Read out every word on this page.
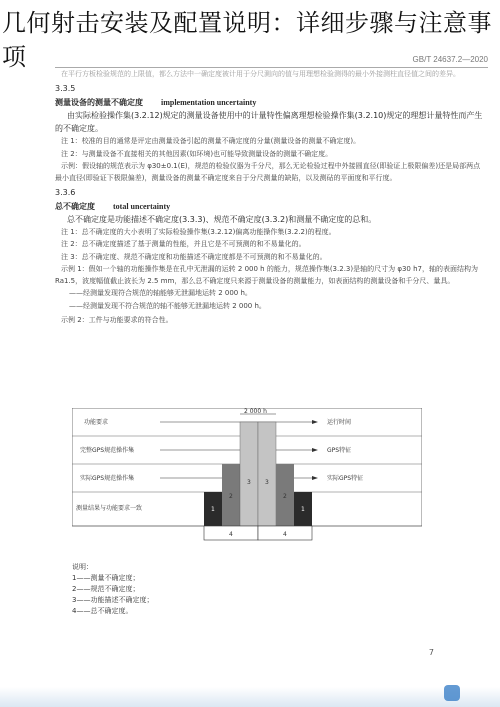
几何射击安装及配置说明：详细步骤与注意事项	GB/T 24637.2—2020
在平行方板检验规范的上限值，都么方法中一确定度被计用于分尺測向的值与用理想检验测得的最小外接测柱直径值之间的差异。
3.3.5
测量设备的测量不确定度 implementation uncertainty
由实际检验操作集(3.2.12)规定的测量设备使用中的计量特性偏离理想检验操作集(3.2.10)规定的理想计量特性而产生的不确定度。
注 1：校准的目的通常是评定由测量设备引起的测量不确定度的分量(测量设备的测量不确定度)。
注 2：与测量设备不直接相关的其他因素(如环境)也可能导致测量设备的测量不确定度。
示例：假设轴的规范表示为 φ30±0.1(E)，规范的检验仪器为千分尺，那么无论检验过程中外接圆直径(即验证上极限偏差)还是局部两点最小直径(即验证下极限偏差)，测量设备的测量不确定度来自于分尺测量的缺陷，以及测砧的平面度和平行度。
3.3.6
总不确定度 total uncertainty
总不确定度是功能描述不确定度(3.3.3)、规范不确定度(3.3.2)和测量不确定度的总和。
注 1：总不确定度的大小表明了实际检验操作集(3.2.12)偏离功能操作集(3.2.2)的程度。
注 2：总不确定度描述了基于测量的性能，并且它是不可预测的和不易量化的。
注 3：总不确定度、规范不确定度和功能描述不确定度都是不可预测的和不易量化的。
示例 1：假如一个轴的功能操作集是在孔中无泄漏的运转 2 000 h 的能力，规范操作集(3.2.3)是轴的尺寸为 φ30 h7，轴的表面结构为 Ra1.5，波度幅值截止波长为 2.5 mm，那么总不确定度只来源于测量设备的测量能力，如表面结构的测量设备和千分尺、量具。
——经测量发现符合规范的轴能够无泄漏地运转 2 000 h。
——经测量发现不符合规范的轴不能够无泄漏地运转 2 000 h。
示例 2：工件与功能要求的符合性。
2 000 h
功能要求	运行时间
完整GPS规范操作集	GPS特征
实际GPS规范操作集	实际GPS特征
测量结果与功能要求一致	1
2
3 3
2
1
4	4
说明：
1——测量不确定度；
2——规范不确定度；
3——功能描述不确定度；
4——总不确定度。
7
